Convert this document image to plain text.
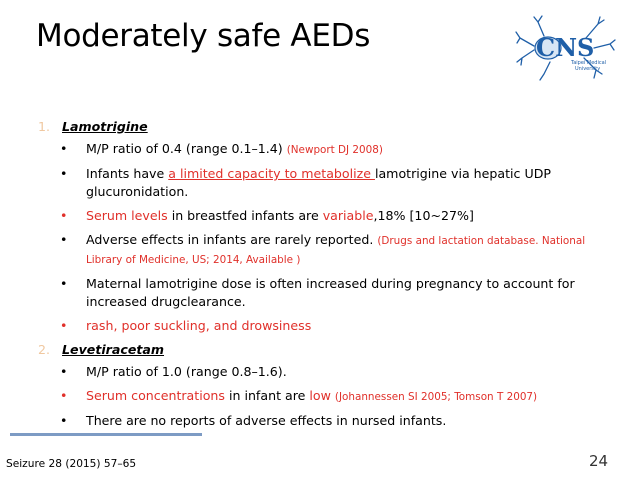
Moderately safe AEDs	CNS
Taipei Medical
University
1. Lamotrigine
• M/P ratio of 0.4 (range 0.1–1.4) (Newport DJ 2008)
• Infants have a limited capacity to metabolize lamotrigine via hepatic UDP glucuronidation.
• Serum levels in breastfed infants are variable,18% [10~27%]
• Adverse effects in infants are rarely reported. (Drugs and lactation database. National Library of Medicine, US; 2014, Available )
• Maternal lamotrigine dose is often increased during pregnancy to account for increased drugclearance.
• rash, poor suckling, and drowsiness
2. Levetiracetam
• M/P ratio of 1.0 (range 0.8–1.6).
• Serum concentrations in infant are low (Johannessen SI 2005; Tomson T 2007)
• There are no reports of adverse effects in nursed infants.
Seizure 28 (2015) 57–65	24
